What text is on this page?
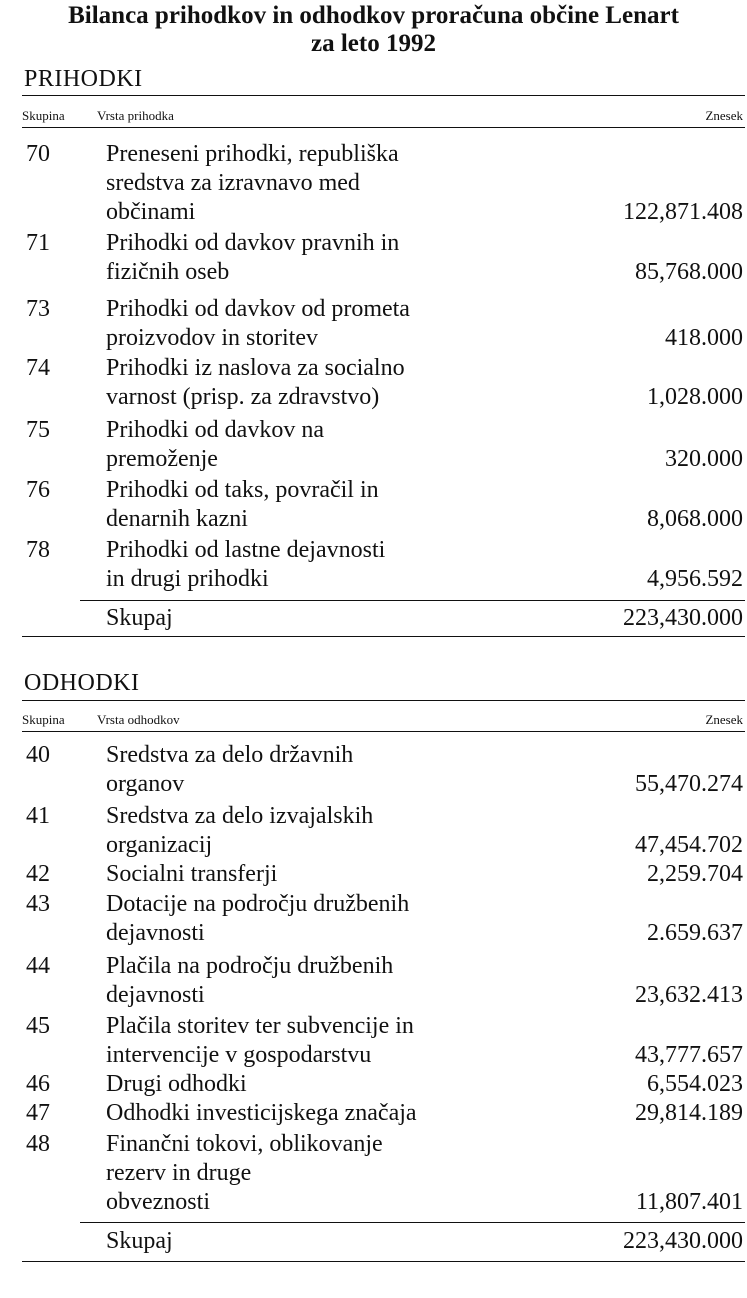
Bilanca prihodkov in odhodkov proračuna občine Lenart
za leto 1992
PRIHODKI
Skupina Vrsta prihodka	Znesek
70 Preneseni prihodki, republiška
sredstva za izravnavo med
občinami	122,871.408
71 Prihodki od davkov pravnih in
fizičnih oseb	85,768.000
73 Prihodki od davkov od prometa
proizvodov in storitev	418.000
74 Prihodki iz naslova za socialno
varnost (prisp. za zdravstvo)	1,028.000
75 Prihodki od davkov na
premoženje	320.000
76 Prihodki od taks, povračil in
denarnih kazni	8,068.000
78 Prihodki od lastne dejavnosti
in drugi prihodki	4,956.592
Skupaj	223,430.000
ODHODKI
Skupina Vrsta odhodkov	Znesek
40 Sredstva za delo državnih
organov	55,470.274
41 Sredstva za delo izvajalskih
organizacij	47,454.702
42 Socialni transferji	2,259.704
43 Dotacije na področju družbenih
dejavnosti	2.659.637
44 Plačila na področju družbenih
dejavnosti	23,632.413
45 Plačila storitev ter subvencije in
intervencije v gospodarstvu	43,777.657
46 Drugi odhodki	6,554.023
47 Odhodki investicijskega značaja	29,814.189
48 Finančni tokovi, oblikovanje
rezerv in druge
obveznosti	11,807.401
Skupaj	223,430.000
